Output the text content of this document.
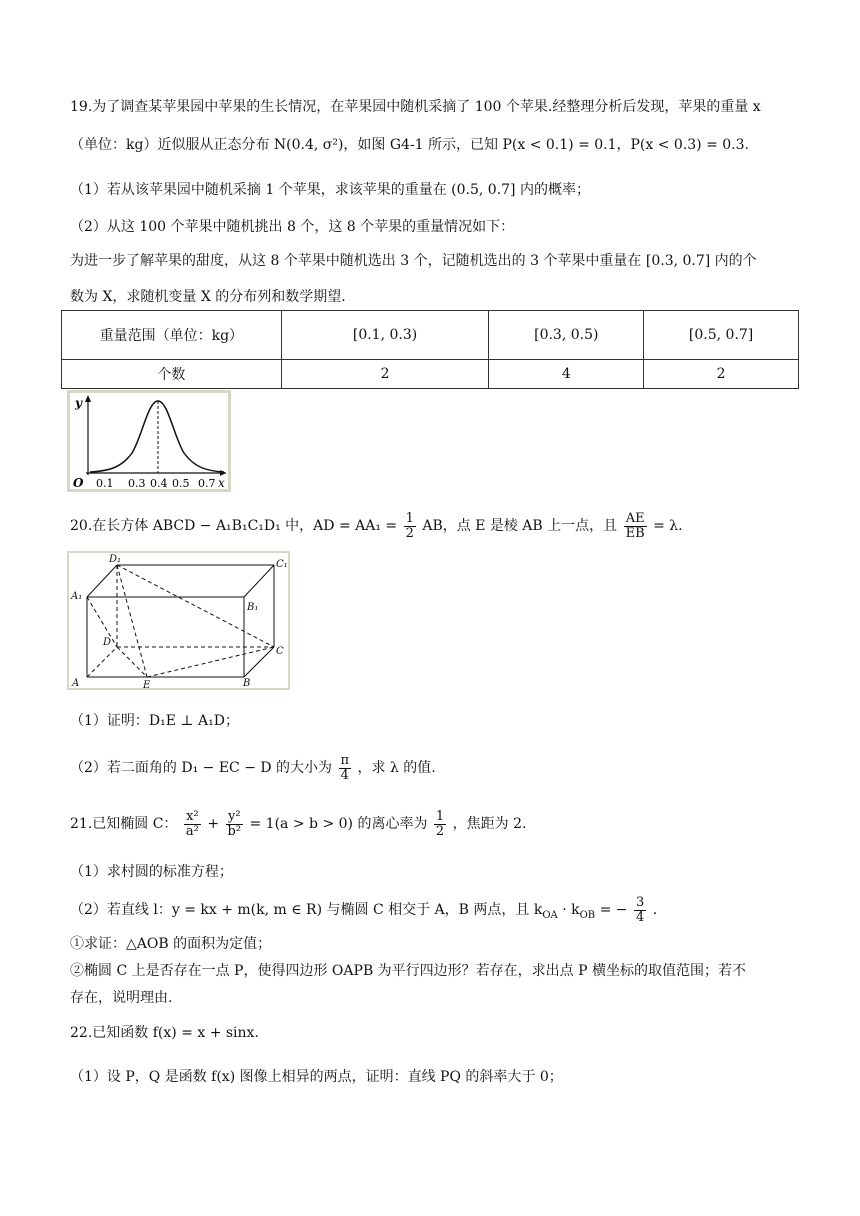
19.为了调查某苹果园中苹果的生长情况，在苹果园中随机采摘了 100 个苹果.经整理分析后发现，苹果的重量 x
（单位：kg）近似服从正态分布 N(0.4, σ²)，如图 G4-1 所示，已知 P(x < 0.1) = 0.1，P(x < 0.3) = 0.3.
（1）若从该苹果园中随机采摘 1 个苹果，求该苹果的重量在 (0.5, 0.7] 内的概率；
（2）从这 100 个苹果中随机挑出 8 个，这 8 个苹果的重量情况如下：
为进一步了解苹果的甜度，从这 8 个苹果中随机选出 3 个，记随机选出的 3 个苹果中重量在 [0.3, 0.7] 内的个
数为 X，求随机变量 X 的分布列和数学期望.
重量范围（单位：kg）	[0.1, 0.3)	[0.3, 0.5)	[0.5, 0.7]
个数	2	4	2
y
O	x
0.1 0.3 0.4 0.5 0.7
20.在长方体 ABCD − A₁B₁C₁D₁ 中，AD = $AA_1 = \frac{1}{2}$ AB，点 E 是棱 AB 上一点，且 $\frac{AE}{EB} = \lambda$.
D₁	C₁
A₁
B₁
D
C
A	E	B
（1）证明：D₁E ⊥ A₁D；
（2）若二面角的 D₁ − EC − D 的大小为 $\frac{\pi}{4}$ ，求 λ 的值.
21.已知椭圆 C： $\frac{\text{x²}}{\text{a²}} + \frac{\text{y²}}{\text{b²}} = 1(a > b > 0)$ 的离心率为 $\frac{1}{2}$ ，焦距为 2.
（1）求村圆的标准方程；
（2）若直线 l：y = kx + m(k, m ∈ R) 与椭圆 C 相交于 A，B 两点，且 $k_{OA} \cdot k_{OB}$ = − $\frac{3}{4}$ .
①求证：△AOB 的面积为定值；
②椭圆 C 上是否存在一点 P，使得四边形 OAPB 为平行四边形？若存在，求出点 P 横坐标的取值范围；若不
存在，说明理由.
22.已知函数 f(x) = x + sinx.
（1）设 P，Q 是函数 f(x) 图像上相异的两点，证明：直线 PQ 的斜率大于 0；
